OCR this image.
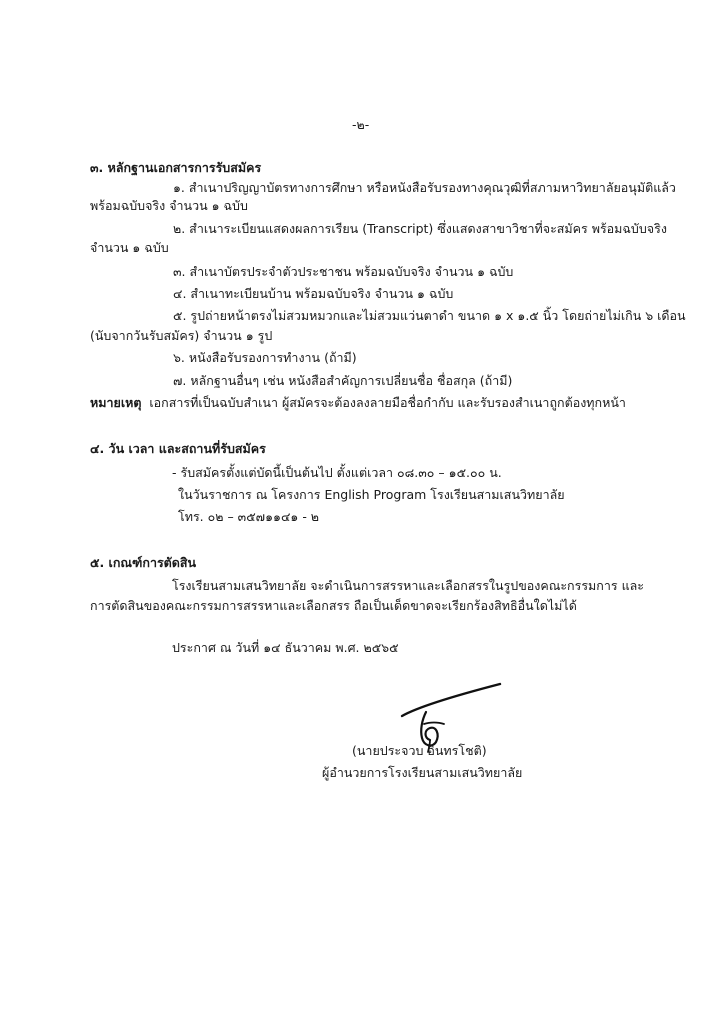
-๒-
๓. หลักฐานเอกสารการรับสมัคร
๑. สำเนาปริญญาบัตรทางการศึกษา หรือหนังสือรับรองทางคุณวุฒิที่สภามหาวิทยาลัยอนุมัติแล้ว
พร้อมฉบับจริง จำนวน ๑ ฉบับ
๒. สำเนาระเบียนแสดงผลการเรียน (Transcript) ซึ่งแสดงสาขาวิชาที่จะสมัคร พร้อมฉบับจริง
จำนวน ๑ ฉบับ
๓. สำเนาบัตรประจำตัวประชาชน พร้อมฉบับจริง จำนวน ๑ ฉบับ
๔. สำเนาทะเบียนบ้าน พร้อมฉบับจริง จำนวน ๑ ฉบับ
๕. รูปถ่ายหน้าตรงไม่สวมหมวกและไม่สวมแว่นตาดำ ขนาด ๑ x ๑.๕ นิ้ว โดยถ่ายไม่เกิน ๖ เดือน
(นับจากวันรับสมัคร) จำนวน ๑ รูป
๖. หนังสือรับรองการทำงาน (ถ้ามี)
๗. หลักฐานอื่นๆ เช่น หนังสือสำคัญการเปลี่ยนชื่อ ชื่อสกุล (ถ้ามี)
หมายเหตุ เอกสารที่เป็นฉบับสำเนา ผู้สมัครจะต้องลงลายมือชื่อกำกับ และรับรองสำเนาถูกต้องทุกหน้า
๔. วัน เวลา และสถานที่รับสมัคร
- รับสมัครตั้งแต่บัดนี้เป็นต้นไป ตั้งแต่เวลา ๐๘.๓๐ – ๑๕.๐๐ น.
ในวันราชการ ณ โครงการ English Program โรงเรียนสามเสนวิทยาลัย
โทร. ๐๒ – ๓๕๗๑๑๔๑ - ๒
๕. เกณฑ์การตัดสิน
โรงเรียนสามเสนวิทยาลัย จะดำเนินการสรรหาและเลือกสรรในรูปของคณะกรรมการ และ
การตัดสินของคณะกรรมการสรรหาและเลือกสรร ถือเป็นเด็ดขาดจะเรียกร้องสิทธิอื่นใดไม่ได้
ประกาศ ณ วันที่ ๑๔ ธันวาคม พ.ศ. ๒๕๖๕
(นายประจวบ อินทรโชติ)
ผู้อำนวยการโรงเรียนสามเสนวิทยาลัย
